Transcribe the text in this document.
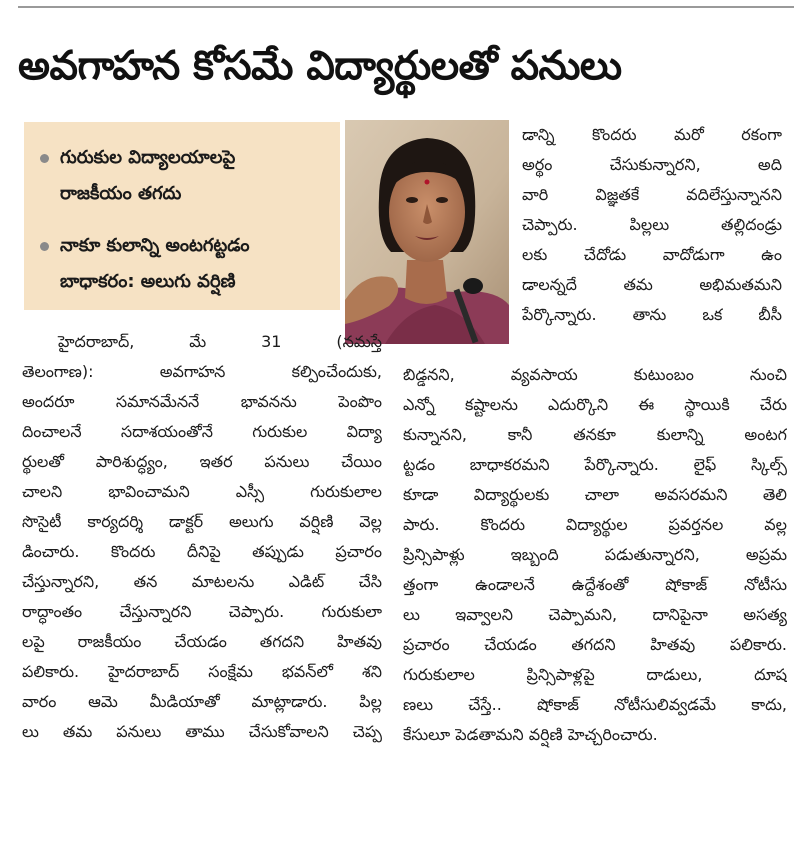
అవగాహన కోసమే విద్యార్థులతో పనులు
గురుకుల విద్యాలయాలపై
రాజకీయం తగదు
నాకూ కులాన్ని అంటగట్టడం
బాధాకరం: అలుగు వర్షిణి
డాన్ని కొందరు మరో రకంగా
అర్థం చేసుకున్నారని, అది
వారి విజ్ఞతకే వదిలేస్తున్నానని
చెప్పారు. పిల్లలు తల్లిదండ్రు
లకు చేదోడు వాదోడుగా ఉం
డాలన్నదే తమ అభిమతమని
పేర్కొన్నారు. తాను ఒక బీసీ
హైదరాబాద్, మే 31 (నమస్తే
తెలంగాణ): అవగాహన కల్పించేందుకు,
అందరూ సమానమేననే భావనను పెంపొం
దించాలనే సదాశయంతోనే గురుకుల విద్యా
ర్థులతో పారిశుద్ధ్యం, ఇతర పనులు చేయిం
చాలని భావించామని ఎస్సీ గురుకులాల
సొసైటీ కార్యదర్శి డాక్టర్ అలుగు వర్షిణి వెల్ల
డించారు. కొందరు దీనిపై తప్పుడు ప్రచారం
చేస్తున్నారని, తన మాటలను ఎడిట్ చేసి
రాద్ధాంతం చేస్తున్నారని చెప్పారు. గురుకులా
లపై రాజకీయం చేయడం తగదని హితవు
పలికారు. హైదరాబాద్ సంక్షేమ భవన్‌లో శని
వారం ఆమె మీడియాతో మాట్లాడారు. పిల్ల
లు తమ పనులు తాము చేసుకోవాలని చెప్ప
బిడ్డనని, వ్యవసాయ కుటుంబం నుంచి
ఎన్నో కష్టాలను ఎదుర్కొని ఈ స్థాయికి చేరు
కున్నానని, కానీ తనకూ కులాన్ని అంటగ
ట్టడం బాధాకరమని పేర్కొన్నారు. లైఫ్ స్కిల్స్
కూడా విద్యార్థులకు చాలా అవసరమని తెలి
పారు. కొందరు విద్యార్థుల ప్రవర్తనల వల్ల
ప్రిన్సిపాళ్లు ఇబ్బంది పడుతున్నారని, అప్రమ
త్తంగా ఉండాలనే ఉద్దేశంతో షోకాజ్ నోటీసు
లు ఇవ్వాలని చెప్పామని, దానిపైనా అసత్య
ప్రచారం చేయడం తగదని హితవు పలికారు.
గురుకులాల ప్రిన్సిపాళ్లపై దాడులు, దూష
ణలు చేస్తే.. షోకాజ్ నోటీసులివ్వడమే కాదు,
కేసులూ పెడతామని వర్షిణి హెచ్చరించారు.
